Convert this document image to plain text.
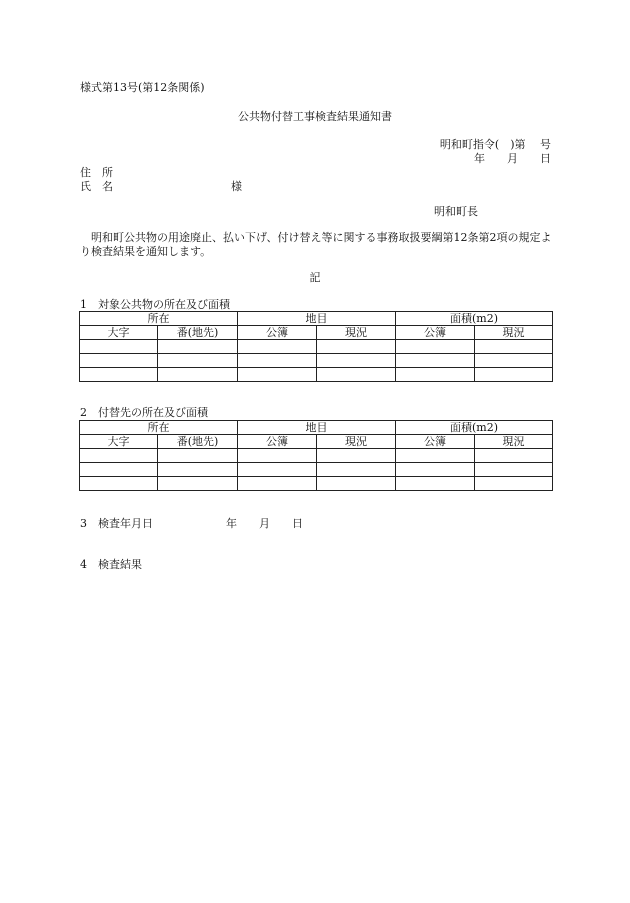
様式第13号(第12条関係)
公共物付替工事検査結果通知書
明和町指令(　)第　 号
年　　月　　日
住　所
氏　名	様
明和町長
明和町公共物の用途廃止、払い下げ、付け替え等に関する事務取扱要綱第12条第2項の規定より検査結果を通知します。
記
1　対象公共物の所在及び面積
所在		地目		面積(m2)	
大字	番(地先)	公簿	現況	公簿	現況

2　付替先の所在及び面積
所在		地目		面積(m2)	
大字	番(地先)	公簿	現況	公簿	現況

3　検査年月日	年　　月　　日
4　検査結果
